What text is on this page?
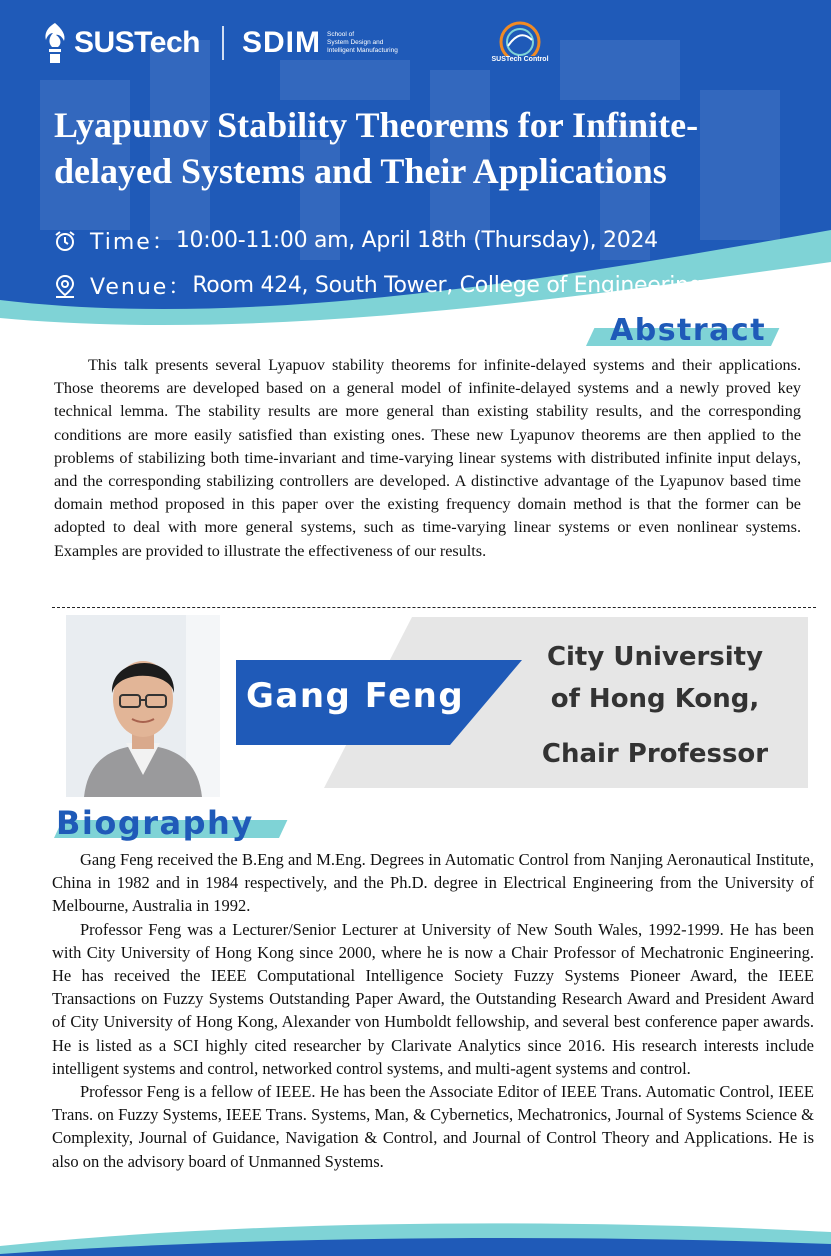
SUSTech SDIM School of
System Design and
Intelligent Manufacturing
SUSTech Control
Lyapunov Stability Theorems for Infinite-delayed Systems and Their Applications
Time： 10:00-11:00 am, April 18th (Thursday), 2024
Venue： Room 424, South Tower, College of Engineering
Abstract

This talk presents several Lyapuov stability theorems for infinite-delayed systems and their applications. Those theorems are developed based on a general model of infinite-delayed systems and a newly proved key technical lemma. The stability results are more general than existing stability results, and the corresponding conditions are more easily satisfied than existing ones. These new Lyapunov theorems are then applied to the problems of stabilizing both time-invariant and time-varying linear systems with distributed infinite input delays, and the corresponding stabilizing controllers are developed. A distinctive advantage of the Lyapunov based time domain method proposed in this paper over the existing frequency domain method is that the former can be adopted to deal with more general systems, such as time-varying linear systems or even nonlinear systems. Examples are provided to illustrate the effectiveness of our results.

Gang Feng
City University
of Hong Kong,
Chair Professor
Biography

Gang Feng received the B.Eng and M.Eng. Degrees in Automatic Control from Nanjing Aeronautical Institute, China in 1982 and in 1984 respectively, and the Ph.D. degree in Electrical Engineering from the University of Melbourne, Australia in 1992.

Professor Feng was a Lecturer/Senior Lecturer at University of New South Wales, 1992-1999. He has been with City University of Hong Kong since 2000, where he is now a Chair Professor of Mechatronic Engineering. He has received the IEEE Computational Intelligence Society Fuzzy Systems Pioneer Award, the IEEE Transactions on Fuzzy Systems Outstanding Paper Award, the Outstanding Research Award and President Award of City University of Hong Kong, Alexander von Humboldt fellowship, and several best conference paper awards. He is listed as a SCI highly cited researcher by Clarivate Analytics since 2016. His research interests include intelligent systems and control, networked control systems, and multi-agent systems and control.

Professor Feng is a fellow of IEEE. He has been the Associate Editor of IEEE Trans. Automatic Control, IEEE Trans. on Fuzzy Systems, IEEE Trans. Systems, Man, & Cybernetics, Mechatronics, Journal of Systems Science & Complexity, Journal of Guidance, Navigation & Control, and Journal of Control Theory and Applications. He is also on the advisory board of Unmanned Systems.
